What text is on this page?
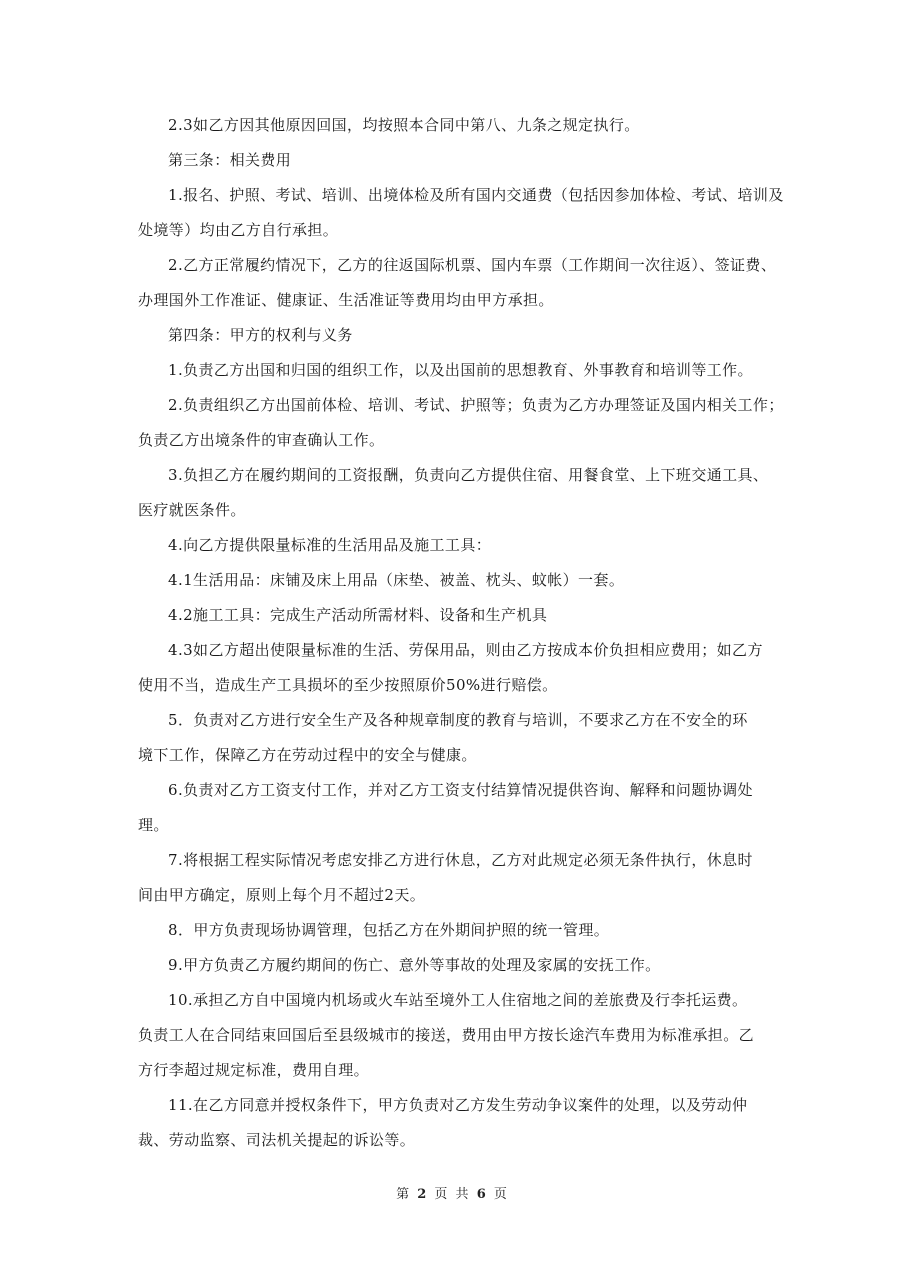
2.3如乙方因其他原因回国，均按照本合同中第八、九条之规定执行。

第三条：相关费用

1.报名、护照、考试、培训、出境体检及所有国内交通费（包括因参加体检、考试、培训及
处境等）均由乙方自行承担。

2.乙方正常履约情况下，乙方的往返国际机票、国内车票（工作期间一次往返）、签证费、
办理国外工作准证、健康证、生活准证等费用均由甲方承担。

第四条：甲方的权利与义务

1.负责乙方出国和归国的组织工作，以及出国前的思想教育、外事教育和培训等工作。

2.负责组织乙方出国前体检、培训、考试、护照等；负责为乙方办理签证及国内相关工作；
负责乙方出境条件的审查确认工作。

3.负担乙方在履约期间的工资报酬，负责向乙方提供住宿、用餐食堂、上下班交通工具、
医疗就医条件。

4.向乙方提供限量标准的生活用品及施工工具：

4.1生活用品：床铺及床上用品（床垫、被盖、枕头、蚊帐）一套。

4.2施工工具：完成生产活动所需材料、设备和生产机具

4.3如乙方超出使限量标准的生活、劳保用品，则由乙方按成本价负担相应费用；如乙方
使用不当，造成生产工具损坏的至少按照原价50%进行赔偿。

5．负责对乙方进行安全生产及各种规章制度的教育与培训，不要求乙方在不安全的环
境下工作，保障乙方在劳动过程中的安全与健康。

6.负责对乙方工资支付工作，并对乙方工资支付结算情况提供咨询、解释和问题协调处
理。

7.将根据工程实际情况考虑安排乙方进行休息，乙方对此规定必须无条件执行，休息时
间由甲方确定，原则上每个月不超过2天。

8．甲方负责现场协调管理，包括乙方在外期间护照的统一管理。

9.甲方负责乙方履约期间的伤亡、意外等事故的处理及家属的安抚工作。

10.承担乙方自中国境内机场或火车站至境外工人住宿地之间的差旅费及行李托运费。
负责工人在合同结束回国后至县级城市的接送，费用由甲方按长途汽车费用为标准承担。乙
方行李超过规定标准，费用自理。

11.在乙方同意并授权条件下，甲方负责对乙方发生劳动争议案件的处理，以及劳动仲
裁、劳动监察、司法机关提起的诉讼等。

第 2 页 共 6 页
